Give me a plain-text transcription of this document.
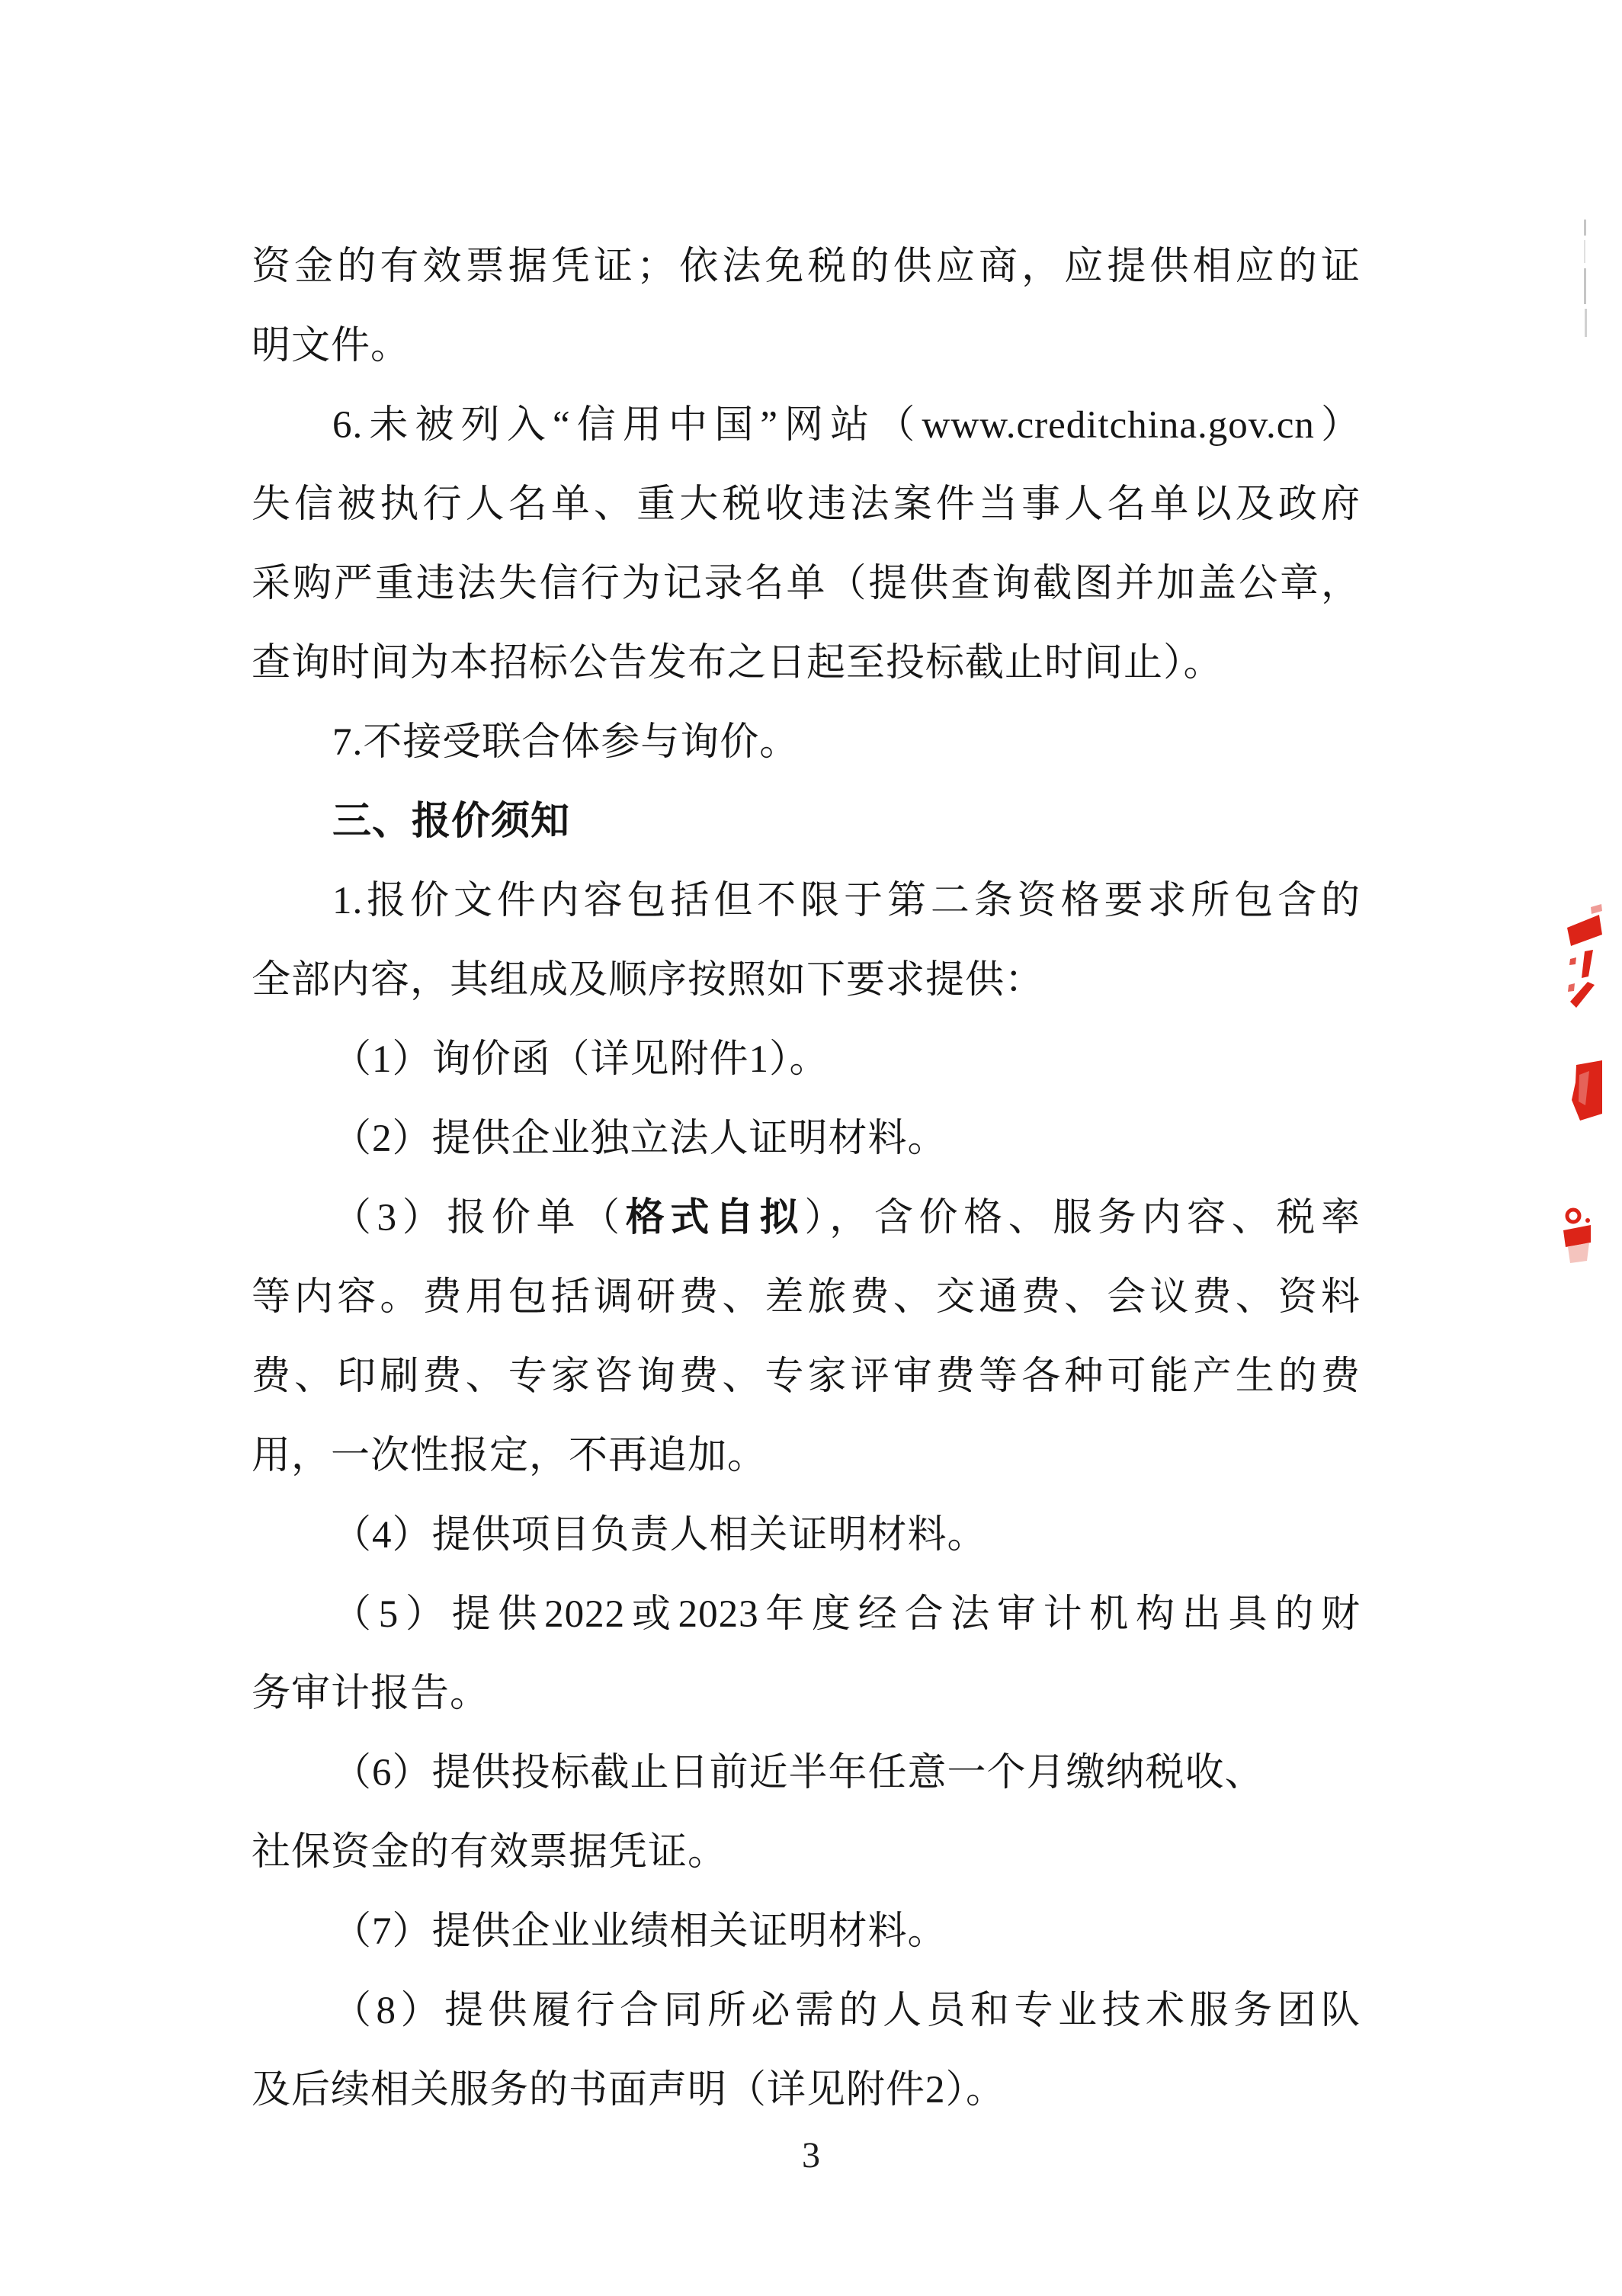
资金的有效票据凭证；依法免税的供应商，应提供相应的证
明文件。
6.未被列入“信用中国”网站（www.creditchina.gov.cn）
失信被执行人名单、重大税收违法案件当事人名单以及政府
采购严重违法失信行为记录名单（提供查询截图并加盖公章，
查询时间为本招标公告发布之日起至投标截止时间止）。
7.不接受联合体参与询价。
三、报价须知
1.报价文件内容包括但不限于第二条资格要求所包含的
全部内容，其组成及顺序按照如下要求提供：
（1）询价函（详见附件1）。
（2）提供企业独立法人证明材料。
（3）报价单（格式自拟），含价格、服务内容、税率
等内容。费用包括调研费、差旅费、交通费、会议费、资料
费、印刷费、专家咨询费、专家评审费等各种可能产生的费
用，一次性报定，不再追加。
（4）提供项目负责人相关证明材料。
（5）提供2022或2023年度经合法审计机构出具的财
务审计报告。
（6）提供投标截止日前近半年任意一个月缴纳税收、
社保资金的有效票据凭证。
（7）提供企业业绩相关证明材料。
（8）提供履行合同所必需的人员和专业技术服务团队
及后续相关服务的书面声明（详见附件2）。
3
